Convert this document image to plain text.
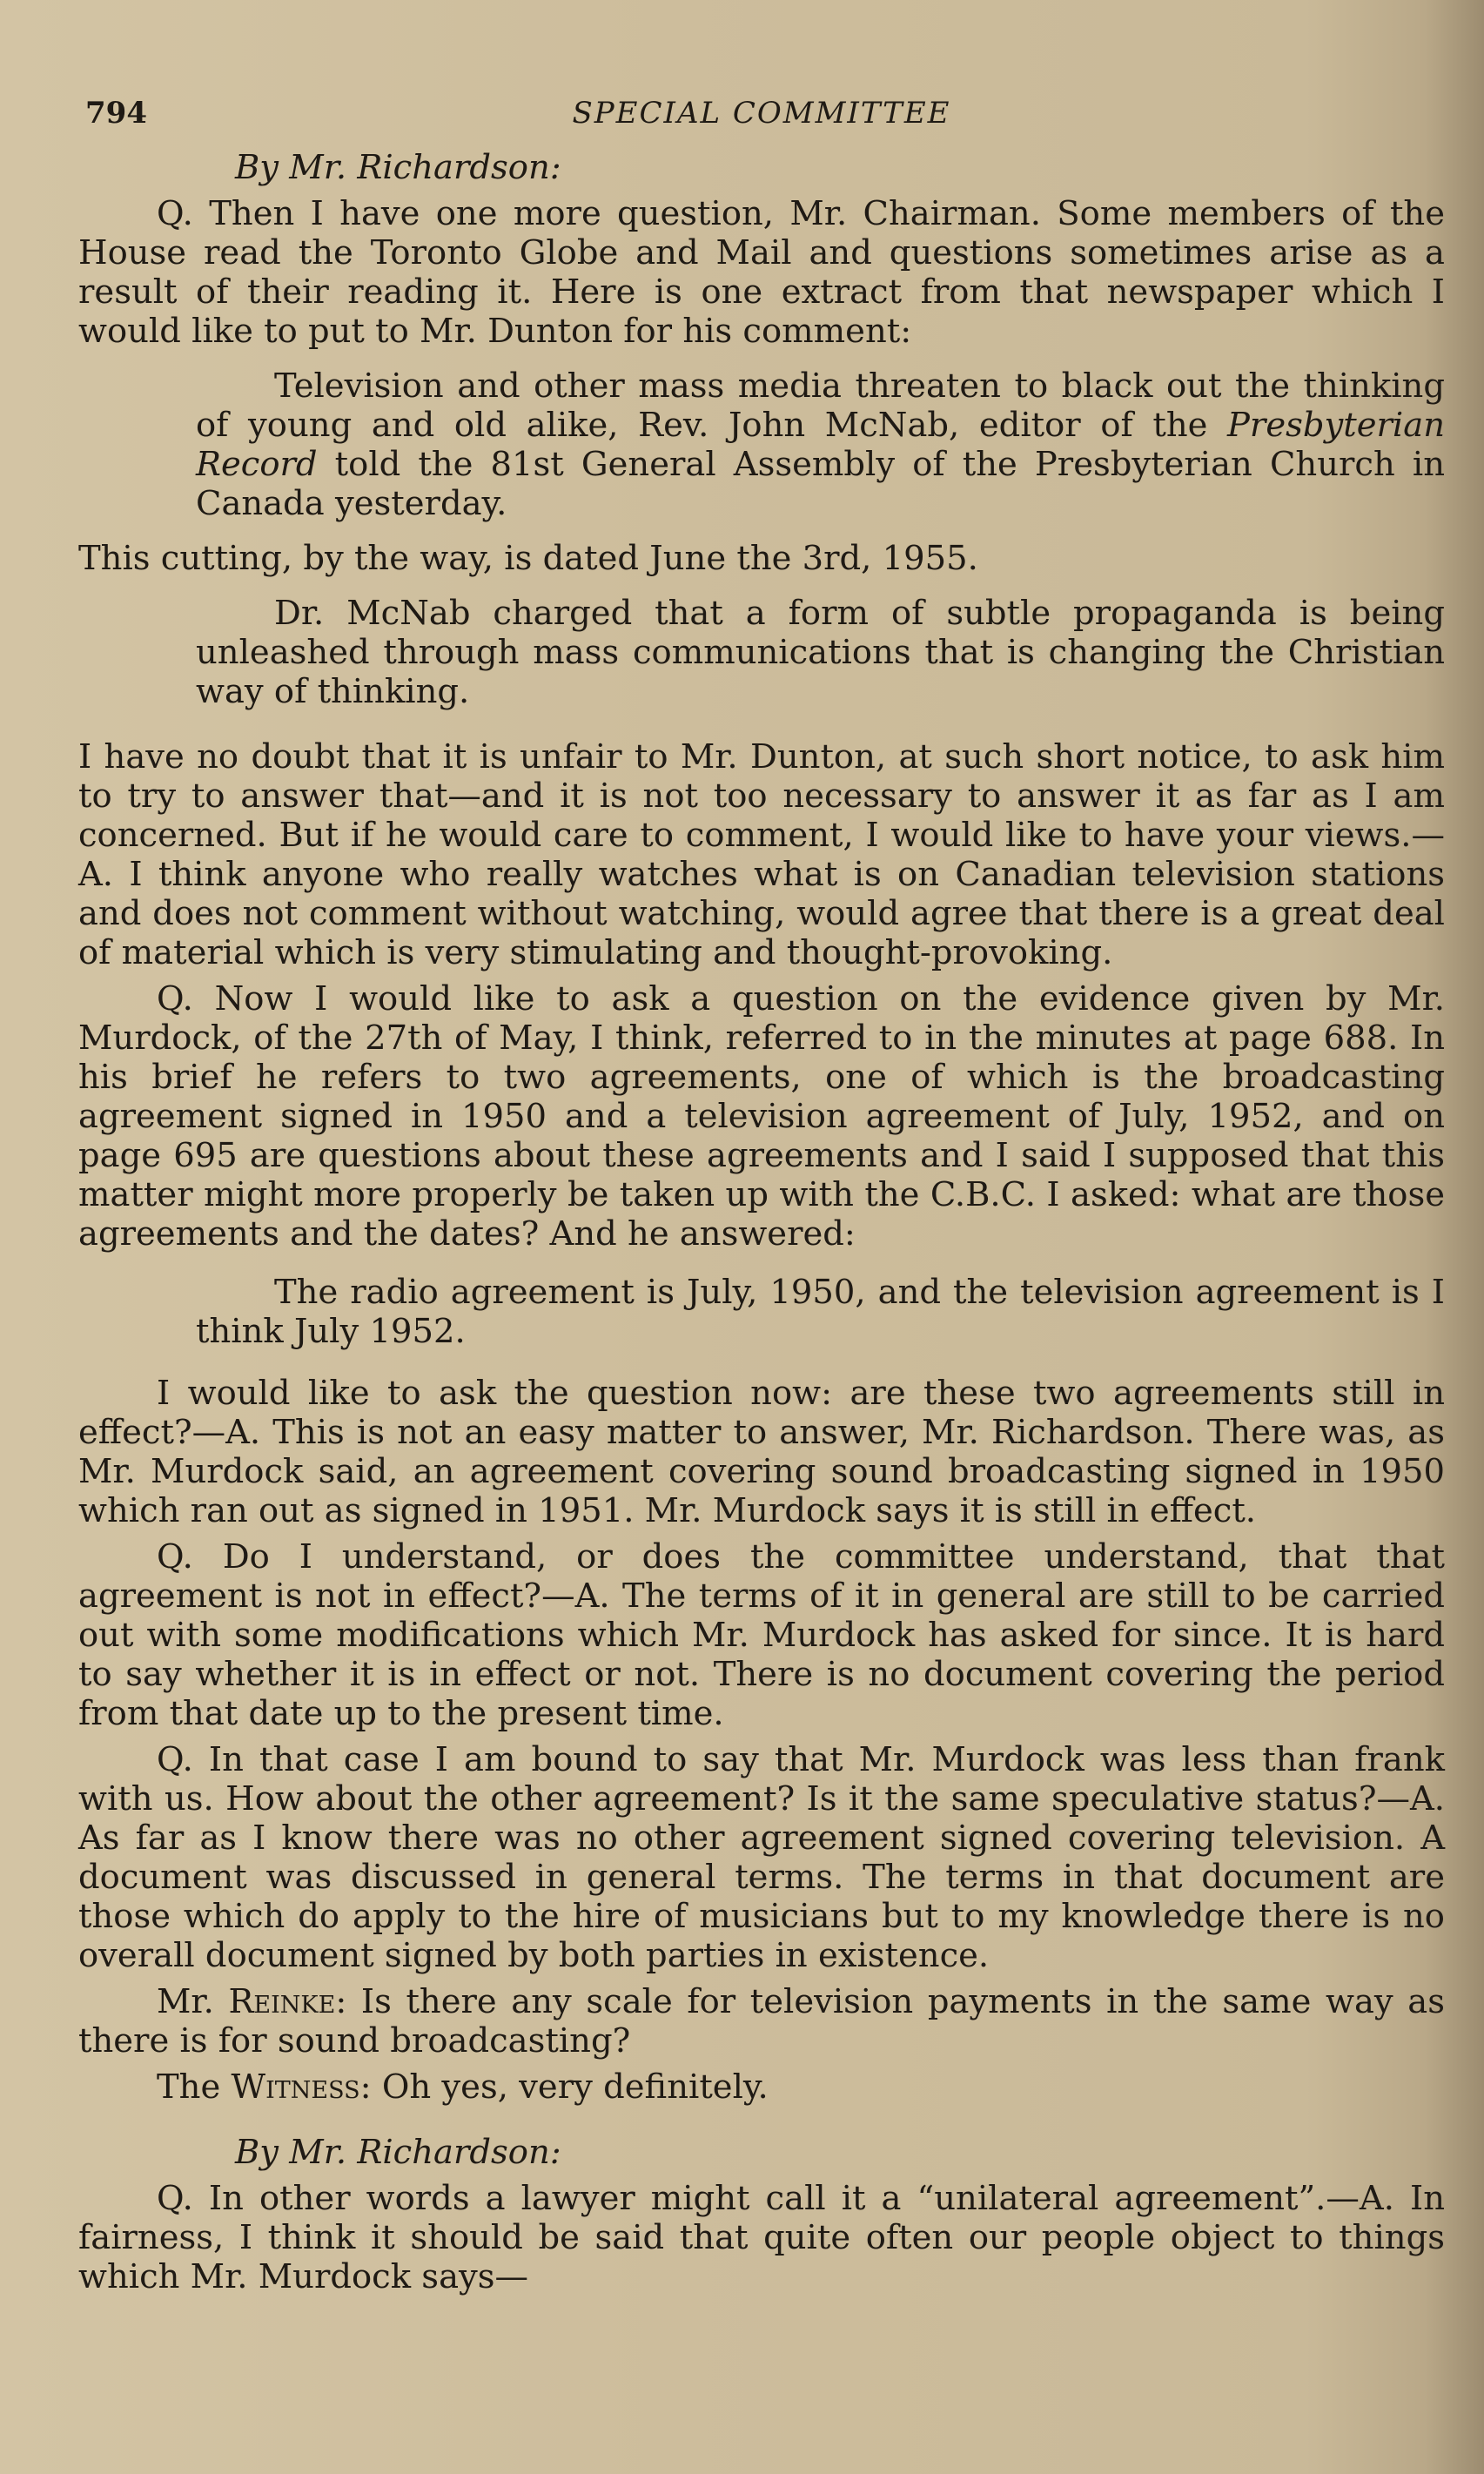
794	SPECIAL COMMITTEE

By Mr. Richardson:

Q. Then I have one more question, Mr. Chairman. Some members of the House read the Toronto Globe and Mail and questions sometimes arise as a result of their reading it. Here is one extract from that newspaper which I would like to put to Mr. Dunton for his comment:

Television and other mass media threaten to black out the thinking of young and old alike, Rev. John McNab, editor of the Presbyterian Record told the 81st General Assembly of the Presbyterian Church in Canada yesterday.

This cutting, by the way, is dated June the 3rd, 1955.

Dr. McNab charged that a form of subtle propaganda is being unleashed through mass communications that is changing the Christian way of thinking.

I have no doubt that it is unfair to Mr. Dunton, at such short notice, to ask him to try to answer that—and it is not too necessary to answer it as far as I am concerned. But if he would care to comment, I would like to have your views.—A. I think anyone who really watches what is on Canadian television stations and does not comment without watching, would agree that there is a great deal of material which is very stimulating and thought-provoking.

Q. Now I would like to ask a question on the evidence given by Mr. Murdock, of the 27th of May, I think, referred to in the minutes at page 688. In his brief he refers to two agreements, one of which is the broadcasting agreement signed in 1950 and a television agreement of July, 1952, and on page 695 are questions about these agreements and I said I supposed that this matter might more properly be taken up with the C.B.C. I asked: what are those agreements and the dates? And he answered:

The radio agreement is July, 1950, and the television agreement is I think July 1952.

I would like to ask the question now: are these two agreements still in effect?—A. This is not an easy matter to answer, Mr. Richardson. There was, as Mr. Murdock said, an agreement covering sound broadcasting signed in 1950 which ran out as signed in 1951. Mr. Murdock says it is still in effect.

Q. Do I understand, or does the committee understand, that that agreement is not in effect?—A. The terms of it in general are still to be carried out with some modifications which Mr. Murdock has asked for since. It is hard to say whether it is in effect or not. There is no document covering the period from that date up to the present time.

Q. In that case I am bound to say that Mr. Murdock was less than frank with us. How about the other agreement? Is it the same speculative status?—A. As far as I know there was no other agreement signed covering television. A document was discussed in general terms. The terms in that document are those which do apply to the hire of musicians but to my knowledge there is no overall document signed by both parties in existence.

Mr. Reinke: Is there any scale for television payments in the same way as there is for sound broadcasting?

The Witness: Oh yes, very definitely.

By Mr. Richardson:

Q. In other words a lawyer might call it a “unilateral agreement”.—A. In fairness, I think it should be said that quite often our people object to things which Mr. Murdock says—
